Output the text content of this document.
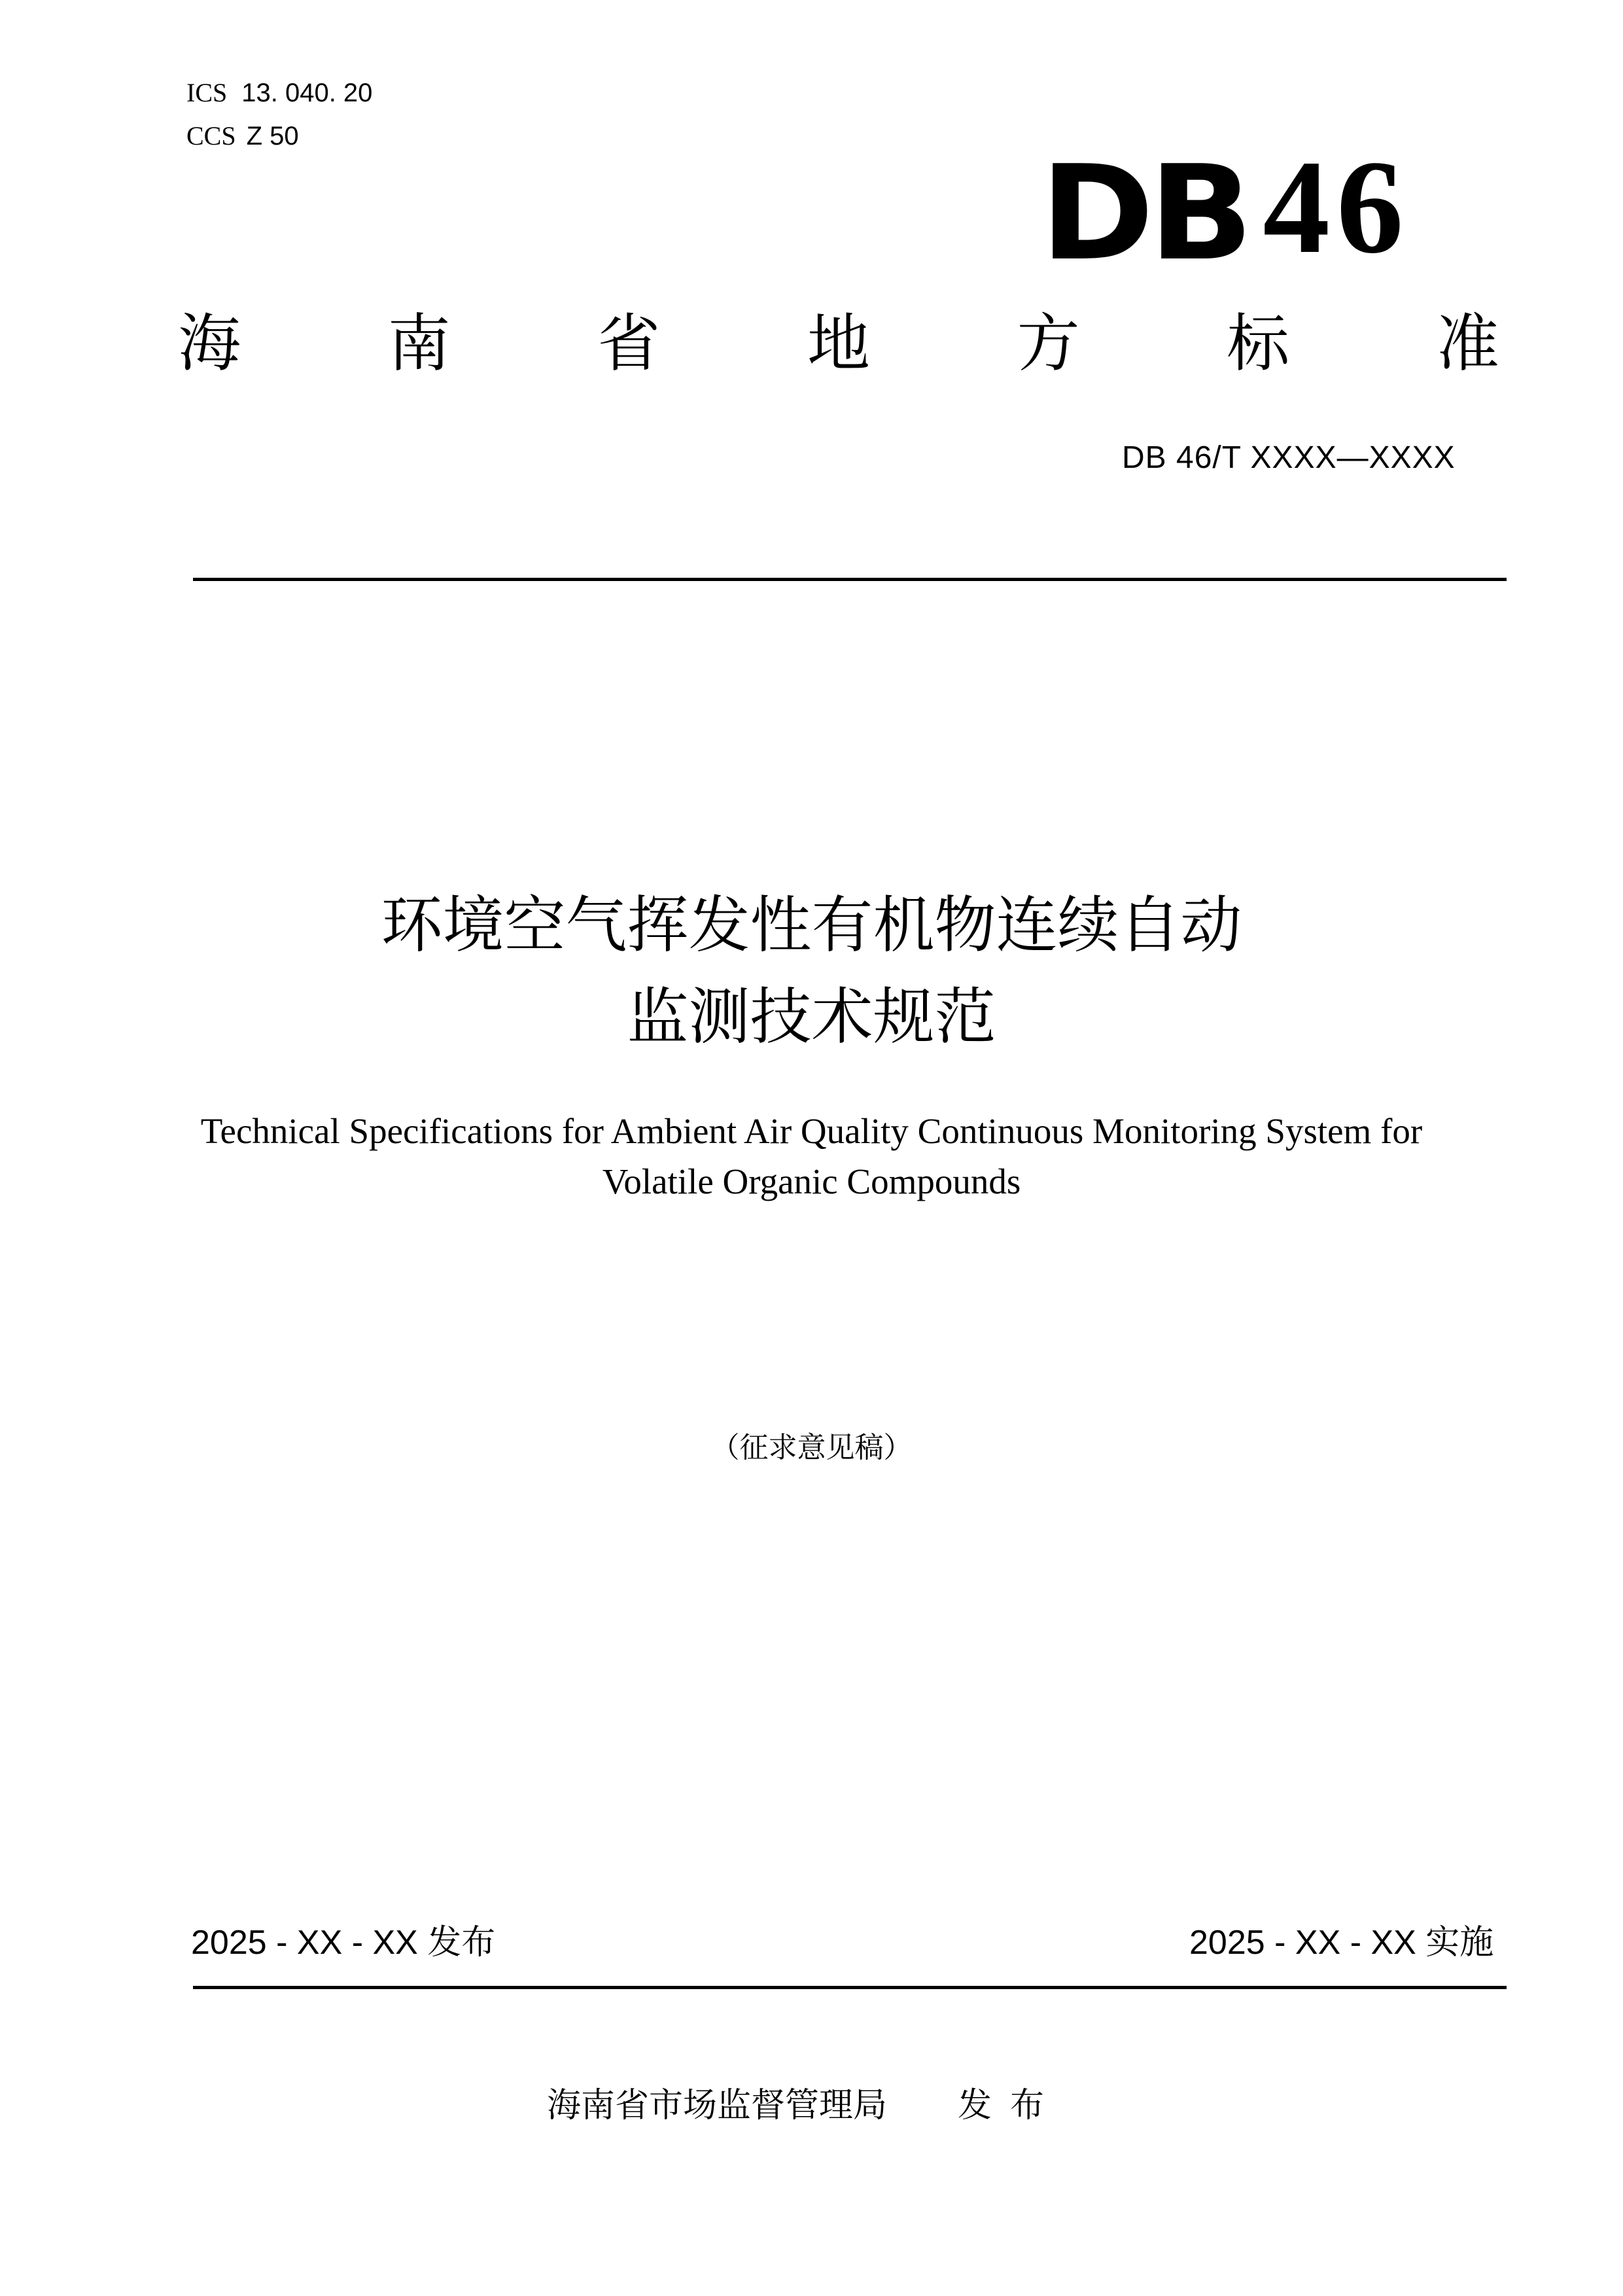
ICS 13. 040. 20
CCS Z 50
DB 46
海 南 省 地 方 标 准
DB 46/T XXXX—XXXX
环境空气挥发性有机物连续自动
监测技术规范
Technical Specifications for Ambient Air Quality Continuous Monitoring System for
Volatile Organic Compounds
（征求意见稿）
2025 - XX - XX 发布	2025 - XX - XX 实施
海南省市场监督管理局 发布
